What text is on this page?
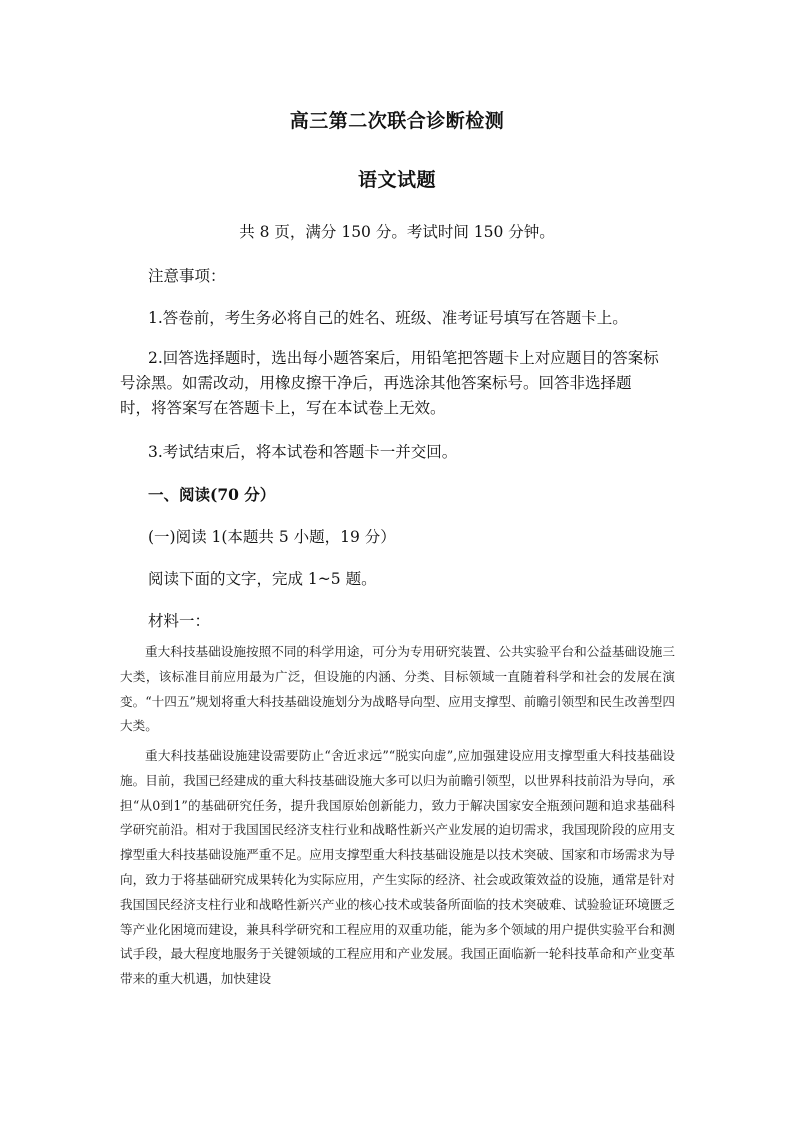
高三第二次联合诊断检测
语文试题
共 8 页，满分 150 分。考试时间 150 分钟。
注意事项：
1.答卷前，考生务必将自己的姓名、班级、准考证号填写在答题卡上。

2.回答选择题时，选出每小题答案后，用铅笔把答题卡上对应题目的答案标号涂黑。如需改动，用橡皮擦干净后，再选涂其他答案标号。回答非选择题时，将答案写在答题卡上，写在本试卷上无效。

3.考试结束后，将本试卷和答题卡一并交回。
一、阅读(70 分）
(一)阅读 1(本题共 5 小题，19 分）
阅读下面的文字，完成 1~5 题。
材料一：

重大科技基础设施按照不同的科学用途，可分为专用研究装置、公共实验平台和公益基础设施三大类，该标准目前应用最为广泛，但设施的内涵、分类、目标领域一直随着科学和社会的发展在演变。“十四五”规划将重大科技基础设施划分为战略导向型、应用支撑型、前瞻引领型和民生改善型四大类。

重大科技基础设施建设需要防止“舍近求远”“脱实向虚”,应加强建设应用支撑型重大科技基础设施。目前，我国已经建成的重大科技基础设施大多可以归为前瞻引领型，以世界科技前沿为导向，承担“从0到1”的基础研究任务，提升我国原始创新能力，致力于解决国家安全瓶颈问题和追求基础科学研究前沿。相对于我国国民经济支柱行业和战略性新兴产业发展的迫切需求，我国现阶段的应用支撑型重大科技基础设施严重不足。应用支撑型重大科技基础设施是以技术突破、国家和市场需求为导向，致力于将基础研究成果转化为实际应用，产生实际的经济、社会或政策效益的设施，通常是针对我国国民经济支柱行业和战略性新兴产业的核心技术或装备所面临的技术突破难、试验验证环境匮乏等产业化困境而建设，兼具科学研究和工程应用的双重功能，能为多个领域的用户提供实验平台和测试手段，最大程度地服务于关键领域的工程应用和产业发展。我国正面临新一轮科技革命和产业变革带来的重大机遇，加快建设
